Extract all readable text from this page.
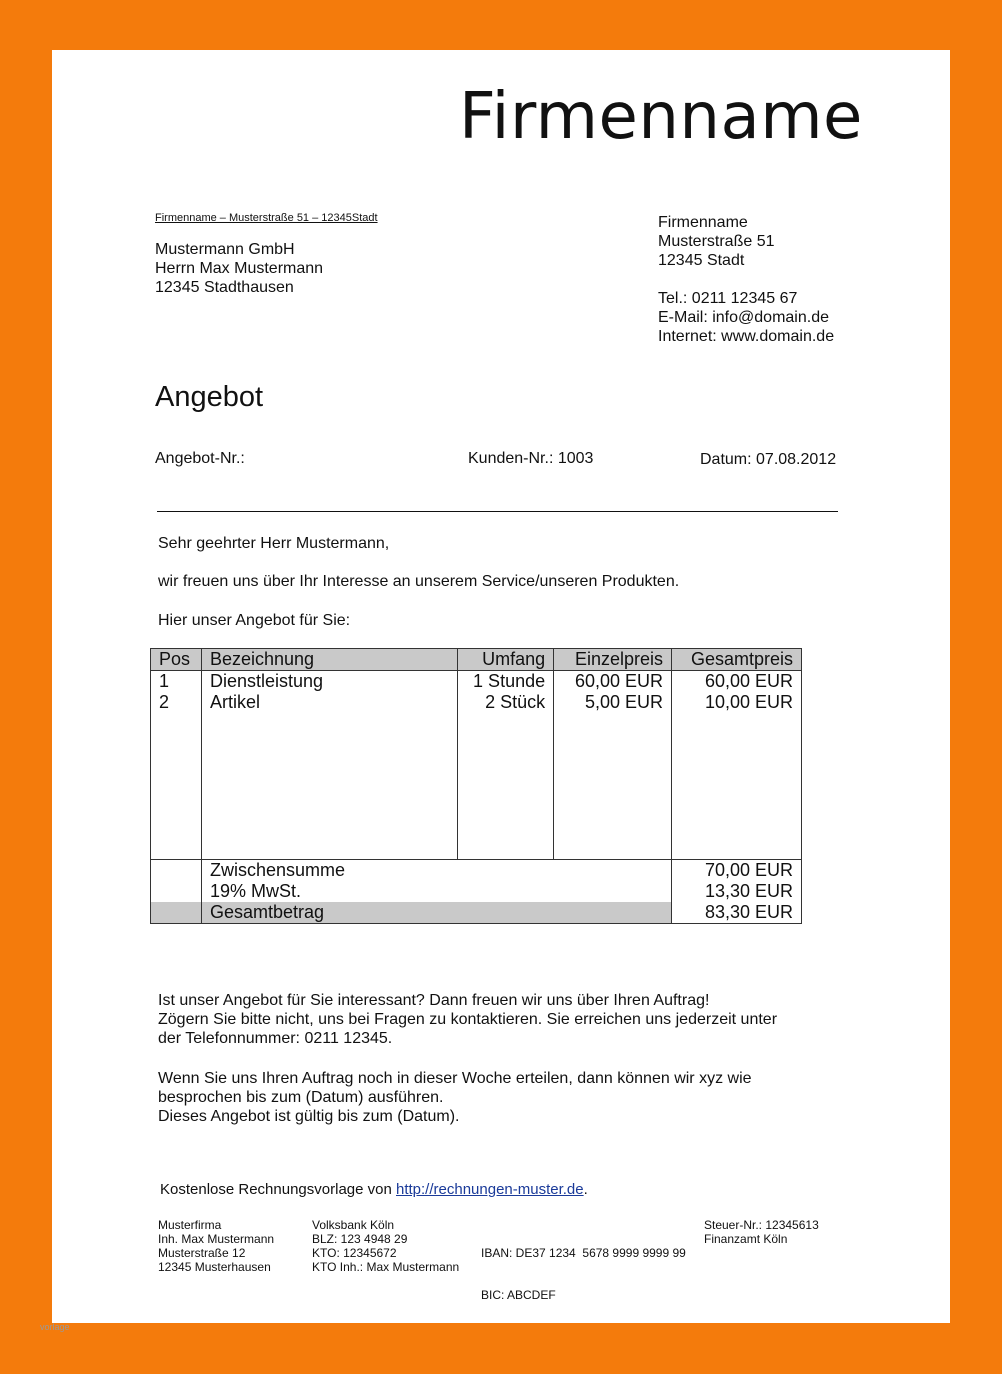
Firmenname
Firmenname – Musterstraße 51 – 12345Stadt
Mustermann GmbH
Herrn Max Mustermann
12345 Stadthausen
Firmenname
Musterstraße 51
12345 Stadt
Tel.: 0211 12345 67
E-Mail: info@domain.de
Internet: www.domain.de
Angebot
Angebot-Nr.:	Kunden-Nr.: 1003	Datum: 07.08.2012
Sehr geehrter Herr Mustermann,
wir freuen uns über Ihr Interesse an unserem Service/unseren Produkten.
Hier unser Angebot für Sie:
Pos	Bezeichnung	Umfang	Einzelpreis	Gesamtpreis
1	Dienstleistung	1 Stunde	60,00 EUR	60,00 EUR
2	Artikel	2 Stück	5,00 EUR	10,00 EUR

	Zwischensumme			70,00 EUR
	19% MwSt.			13,30 EUR
	Gesamtbetrag			83,30 EUR
Ist unser Angebot für Sie interessant? Dann freuen wir uns über Ihren Auftrag!
Zögern Sie bitte nicht, uns bei Fragen zu kontaktieren. Sie erreichen uns jederzeit unter
der Telefonnummer: 0211 12345.
Wenn Sie uns Ihren Auftrag noch in dieser Woche erteilen, dann können wir xyz wie
besprochen bis zum (Datum) ausführen.
Dieses Angebot ist gültig bis zum (Datum).
Kostenlose Rechnungsvorlage von http://rechnungen-muster.de.
Musterfirma
Inh. Max Mustermann
Musterstraße 12
12345 Musterhausen
Volksbank Köln
BLZ: 123 4948 29
KTO: 12345672
KTO Inh.: Max Mustermann

IBAN: DE37 1234  5678 9999 9999 99

BIC: ABCDEF

Steuer-Nr.: 12345613
Finanzamt Köln
vorlage
